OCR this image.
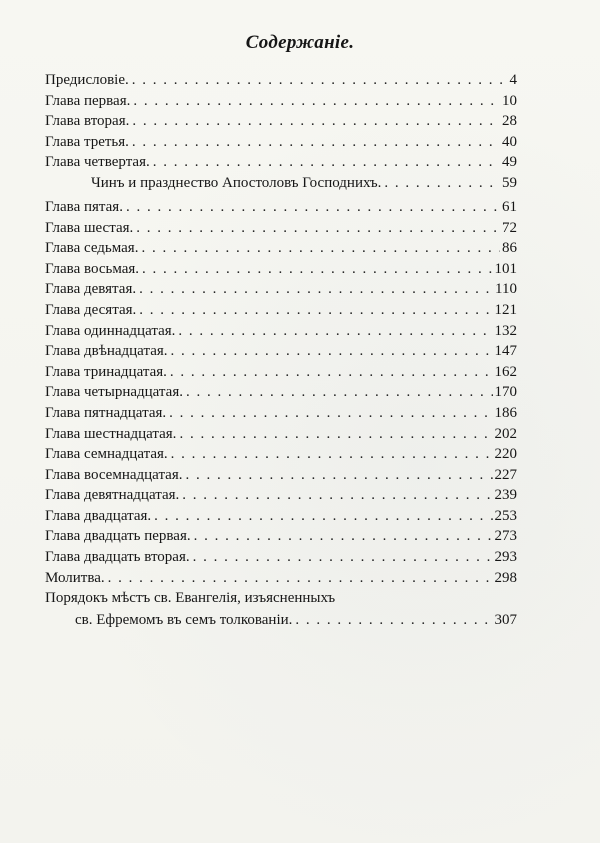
Содержаніе.
Предисловіе. . . .	4
Глава первая. . . .	10
Глава вторая. . . .	28
Глава третья. . . .	40
Глава четвертая. . . .	49
Чинъ и празднество Апостоловъ Господнихъ. . . .	59
Глава пятая. . . .	61
Глава шестая. . . .	72
Глава седьмая. . . .	86
Глава восьмая. . . .	101
Глава девятая. . . .	110
Глава десятая. . . .	121
Глава одиннадцатая. . . .	132
Глава двѣнадцатая. . . .	147
Глава тринадцатая. . . .	162
Глава четырнадцатая. . . .	170
Глава пятнадцатая. . . .	186
Глава шестнадцатая. . . .	202
Глава семнадцатая. . . .	220
Глава восемнадцатая. . . .	227
Глава девятнадцатая. . . .	239
Глава двадцатая. . . .	253
Глава двадцать первая. . . .	273
Глава двадцать вторая. . . .	293
Молитва. . . .	298
Порядокъ мѣстъ св. Евангелія, изъясненныхъ
св. Ефремомъ въ семъ толкованіи. . . .	307
